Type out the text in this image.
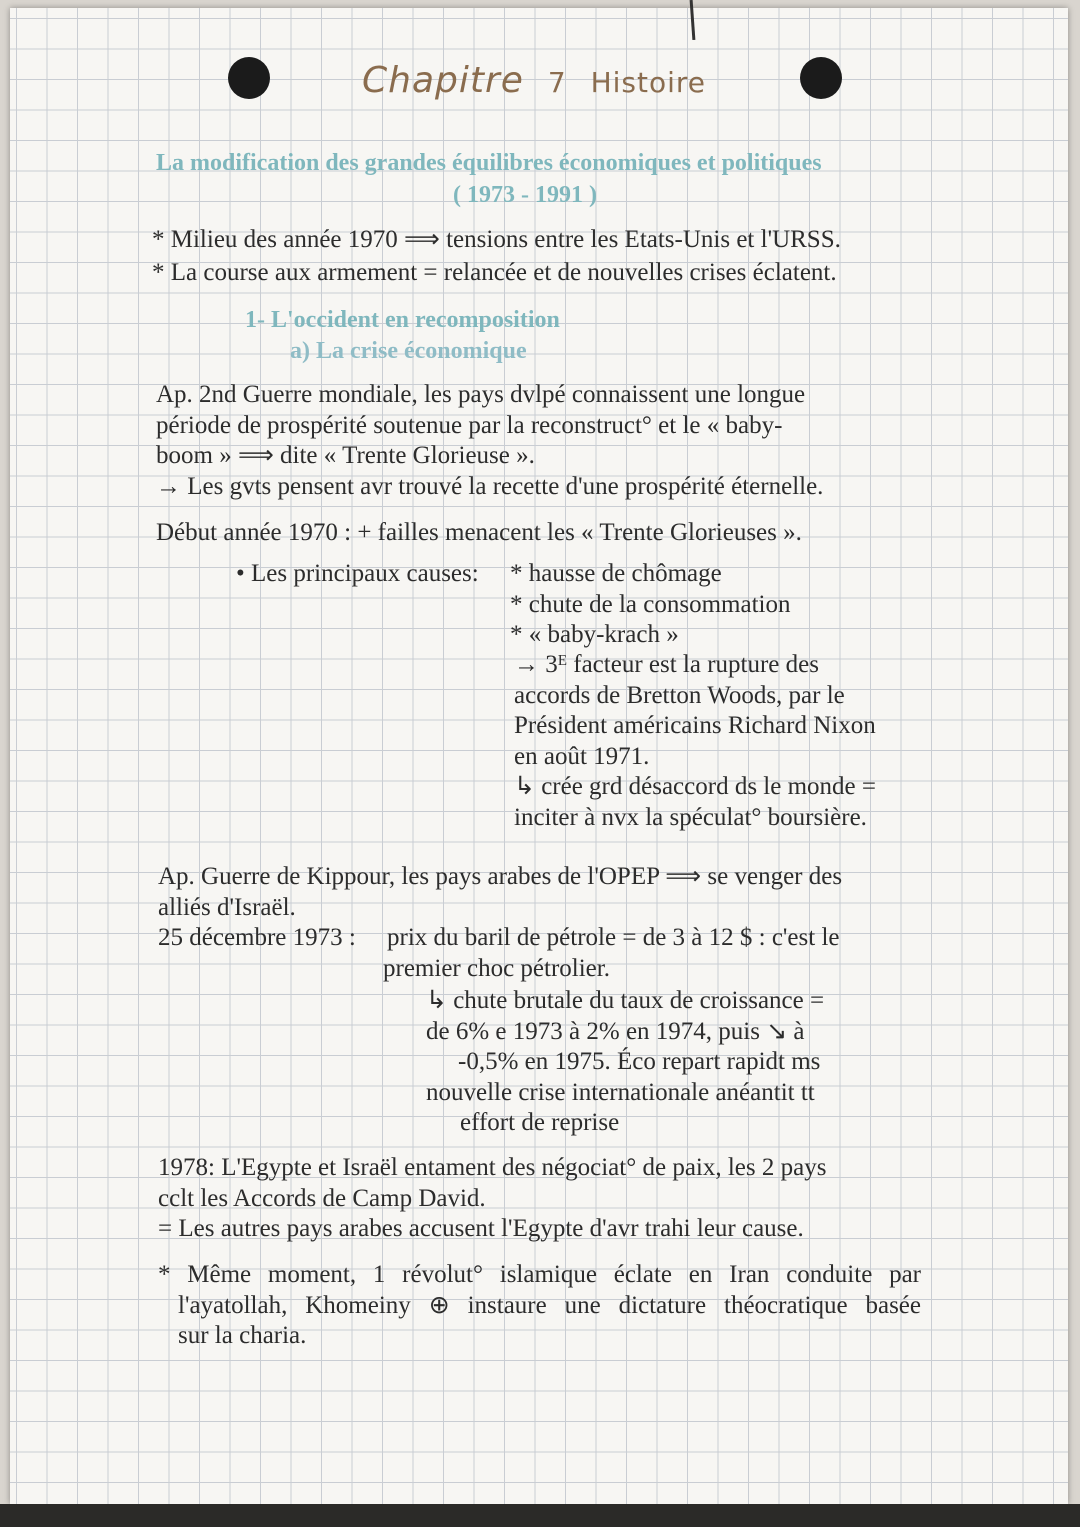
Chapitre 7 Histoire
La modification des grandes équilibres économiques et politiques
( 1973 - 1991 )
* Milieu des année 1970 ⟹ tensions entre les Etats-Unis et l'URSS.
* La course aux armement = relancée et de nouvelles crises éclatent.
1- L'occident en recomposition
a) La crise économique
Ap. 2nd Guerre mondiale, les pays dvlpé connaissent une longue
période de prospérité soutenue par la reconstruct° et le « baby-
boom » ⟹ dite « Trente Glorieuse ».
→ Les gvts pensent avr trouvé la recette d'une prospérité éternelle.
Début année 1970 : + failles menacent les « Trente Glorieuses ».
• Les principaux causes: * hausse de chômage
* chute de la consommation
* « baby-krach »
→ 3ᴱ facteur est la rupture des
accords de Bretton Woods, par le
Président américains Richard Nixon
en août 1971.
↳ crée grd désaccord ds le monde =
inciter à nvx la spéculat° boursière.
Ap. Guerre de Kippour, les pays arabes de l'OPEP ⟹ se venger des
alliés d'Israël.
25 décembre 1973 : prix du baril de pétrole = de 3 à 12 $ : c'est le
premier choc pétrolier.
↳ chute brutale du taux de croissance =
de 6% e 1973 à 2% en 1974, puis ↘ à
-0,5% en 1975. Éco repart rapidt ms
nouvelle crise internationale anéantit tt
effort de reprise
1978: L'Egypte et Israël entament des négociat° de paix, les 2 pays
cclt les Accords de Camp David.
= Les autres pays arabes accusent l'Egypte d'avr trahi leur cause.
* Même moment, 1 révolut° islamique éclate en Iran conduite par
l'ayatollah, Khomeiny ⊕ instaure une dictature théocratique basée
sur la charia.
